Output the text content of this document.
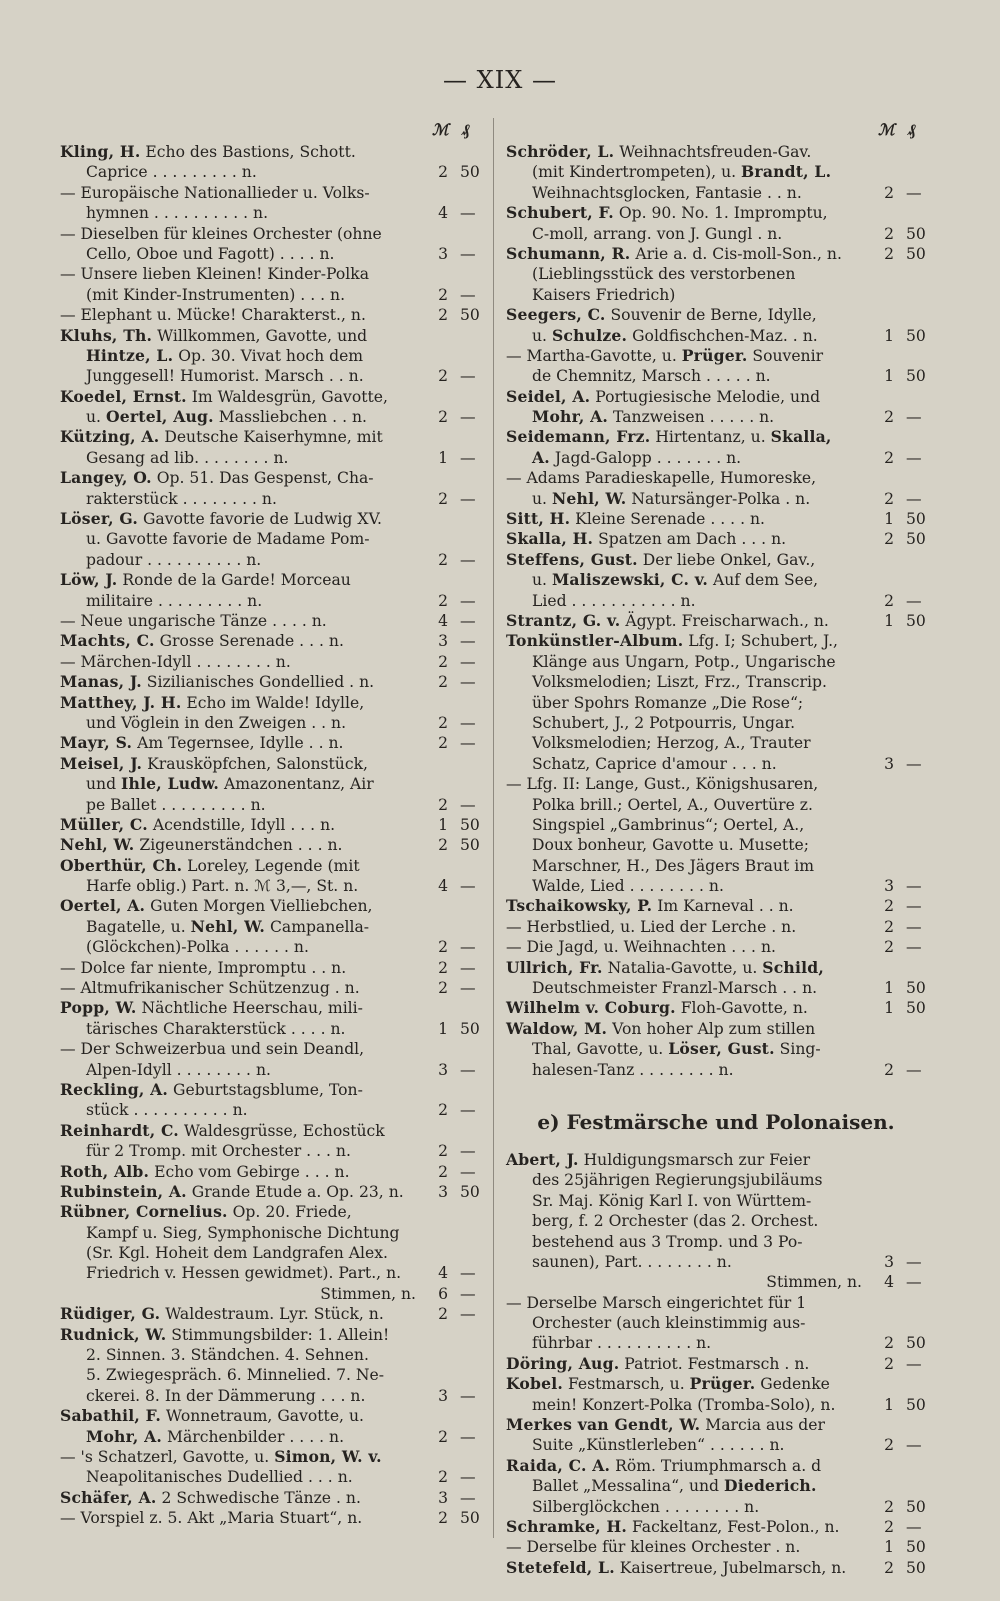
— XIX —
ℳ ₰
Kling, H. Echo des Bastions, Schott.
Caprice . . . . . . . . . n.	2 50
— Europäische Nationallieder u. Volks-
hymnen . . . . . . . . . . n.	4 —
— Dieselben für kleines Orchester (ohne
Cello, Oboe und Fagott) . . . . n.	3 —
— Unsere lieben Kleinen! Kinder-Polka
(mit Kinder-Instrumenten) . . . n.	2 —
— Elephant u. Mücke! Charakterst., n.	2 50
Kluhs, Th. Willkommen, Gavotte, und
Hintze, L. Op. 30. Vivat hoch dem
Junggesell! Humorist. Marsch . . n.	2 —
Koedel, Ernst. Im Waldesgrün, Gavotte,
u. Oertel, Aug. Massliebchen . . n.	2 —
Kützing, A. Deutsche Kaiserhymne, mit
Gesang ad lib. . . . . . . . n.	1 —
Langey, O. Op. 51. Das Gespenst, Cha-
rakterstück . . . . . . . . n.	2 —
Löser, G. Gavotte favorie de Ludwig XV.
u. Gavotte favorie de Madame Pom-
padour . . . . . . . . . . n.	2 —
Löw, J. Ronde de la Garde! Morceau
militaire . . . . . . . . . n.	2 —
— Neue ungarische Tänze . . . . n.	4 —
Machts, C. Grosse Serenade . . . n.	3 —
— Märchen-Idyll . . . . . . . . n.	2 —
Manas, J. Sizilianisches Gondellied . n.	2 —
Matthey, J. H. Echo im Walde! Idylle,
und Vöglein in den Zweigen . . n.	2 —
Mayr, S. Am Tegernsee, Idylle . . n.	2 —
Meisel, J. Krausköpfchen, Salonstück,
und Ihle, Ludw. Amazonentanz, Air
pe Ballet . . . . . . . . . n.	2 —
Müller, C. Acendstille, Idyll . . . n.	1 50
Nehl, W. Zigeunerständchen . . . n.	2 50
Oberthür, Ch. Loreley, Legende (mit
Harfe oblig.) Part. n. ℳ 3,—, St. n.	4 —
Oertel, A. Guten Morgen Vielliebchen,
Bagatelle, u. Nehl, W. Campanella-
(Glöckchen)-Polka . . . . . . n.	2 —
— Dolce far niente, Impromptu . . n.	2 —
— Altmufrikanischer Schützenzug . n.	2 —
Popp, W. Nächtliche Heerschau, mili-
tärisches Charakterstück . . . . n.	1 50
— Der Schweizerbua und sein Deandl,
Alpen-Idyll . . . . . . . . n.	3 —
Reckling, A. Geburtstagsblume, Ton-
stück . . . . . . . . . . n.	2 —
Reinhardt, C. Waldesgrüsse, Echostück
für 2 Tromp. mit Orchester . . . n.	2 —
Roth, Alb. Echo vom Gebirge . . . n.	2 —
Rubinstein, A. Grande Etude a. Op. 23, n.	3 50
Rübner, Cornelius. Op. 20. Friede,
Kampf u. Sieg, Symphonische Dichtung
(Sr. Kgl. Hoheit dem Landgrafen Alex.
Friedrich v. Hessen gewidmet). Part., n.	4 —
Stimmen, n.	6 —
Rüdiger, G. Waldestraum. Lyr. Stück, n.	2 —
Rudnick, W. Stimmungsbilder: 1. Allein!
2. Sinnen. 3. Ständchen. 4. Sehnen.
5. Zwiegespräch. 6. Minnelied. 7. Ne-
ckerei. 8. In der Dämmerung . . . n.	3 —
Sabathil, F. Wonnetraum, Gavotte, u.
Mohr, A. Märchenbilder . . . . n.	2 —
— 's Schatzerl, Gavotte, u. Simon, W. v.
Neapolitanisches Dudellied . . . n.	2 —
Schäfer, A. 2 Schwedische Tänze . n.	3 —
— Vorspiel z. 5. Akt „Maria Stuart“, n.	2 50
ℳ ₰
Schröder, L. Weihnachtsfreuden-Gav.
(mit Kindertrompeten), u. Brandt, L.
Weihnachtsglocken, Fantasie . . n.	2 —
Schubert, F. Op. 90. No. 1. Impromptu,
C-moll, arrang. von J. Gungl . n.	2 50
Schumann, R. Arie a. d. Cis-moll-Son., n.	2 50
(Lieblingsstück des verstorbenen
Kaisers Friedrich)
Seegers, C. Souvenir de Berne, Idylle,
u. Schulze. Goldfischchen-Maz. . n.	1 50
— Martha-Gavotte, u. Prüger. Souvenir
de Chemnitz, Marsch . . . . . n.	1 50
Seidel, A. Portugiesische Melodie, und
Mohr, A. Tanzweisen . . . . . n.	2 —
Seidemann, Frz. Hirtentanz, u. Skalla,
A. Jagd-Galopp . . . . . . . n.	2 —
— Adams Paradieskapelle, Humoreske,
u. Nehl, W. Natursänger-Polka . n.	2 —
Sitt, H. Kleine Serenade . . . . n.	1 50
Skalla, H. Spatzen am Dach . . . n.	2 50
Steffens, Gust. Der liebe Onkel, Gav.,
u. Maliszewski, C. v. Auf dem See,
Lied . . . . . . . . . . . n.	2 —
Strantz, G. v. Ägypt. Freischarwach., n.	1 50
Tonkünstler-Album. Lfg. I; Schubert, J.,
Klänge aus Ungarn, Potp., Ungarische
Volksmelodien; Liszt, Frz., Transcrip.
über Spohrs Romanze „Die Rose“;
Schubert, J., 2 Potpourris, Ungar.
Volksmelodien; Herzog, A., Trauter
Schatz, Caprice d'amour . . . n.	3 —
— Lfg. II: Lange, Gust., Königshusaren,
Polka brill.; Oertel, A., Ouvertüre z.
Singspiel „Gambrinus“; Oertel, A.,
Doux bonheur, Gavotte u. Musette;
Marschner, H., Des Jägers Braut im
Walde, Lied . . . . . . . . n.	3 —
Tschaikowsky, P. Im Karneval . . n.	2 —
— Herbstlied, u. Lied der Lerche . n.	2 —
— Die Jagd, u. Weihnachten . . . n.	2 —
Ullrich, Fr. Natalia-Gavotte, u. Schild,
Deutschmeister Franzl-Marsch . . n.	1 50
Wilhelm v. Coburg. Floh-Gavotte, n.	1 50
Waldow, M. Von hoher Alp zum stillen
Thal, Gavotte, u. Löser, Gust. Sing-
halesen-Tanz . . . . . . . . n.	2 —
e) Festmärsche und Polonaisen.
Abert, J. Huldigungsmarsch zur Feier
des 25jährigen Regierungsjubiläums
Sr. Maj. König Karl I. von Württem-
berg, f. 2 Orchester (das 2. Orchest.
bestehend aus 3 Tromp. und 3 Po-
saunen), Part. . . . . . . . n.	3 —
Stimmen, n.	4 —
— Derselbe Marsch eingerichtet für 1
Orchester (auch kleinstimmig aus-
führbar . . . . . . . . . . n.	2 50
Döring, Aug. Patriot. Festmarsch . n.	2 —
Kobel. Festmarsch, u. Prüger. Gedenke
mein! Konzert-Polka (Tromba-Solo), n.	1 50
Merkes van Gendt, W. Marcia aus der
Suite „Künstlerleben“ . . . . . . n.	2 —
Raida, C. A. Röm. Triumphmarsch a. d
Ballet „Messalina“, und Diederich.
Silberglöckchen . . . . . . . . n.	2 50
Schramke, H. Fackeltanz, Fest-Polon., n.	2 —
— Derselbe für kleines Orchester . n.	1 50
Stetefeld, L. Kaisertreue, Jubelmarsch, n.	2 50
